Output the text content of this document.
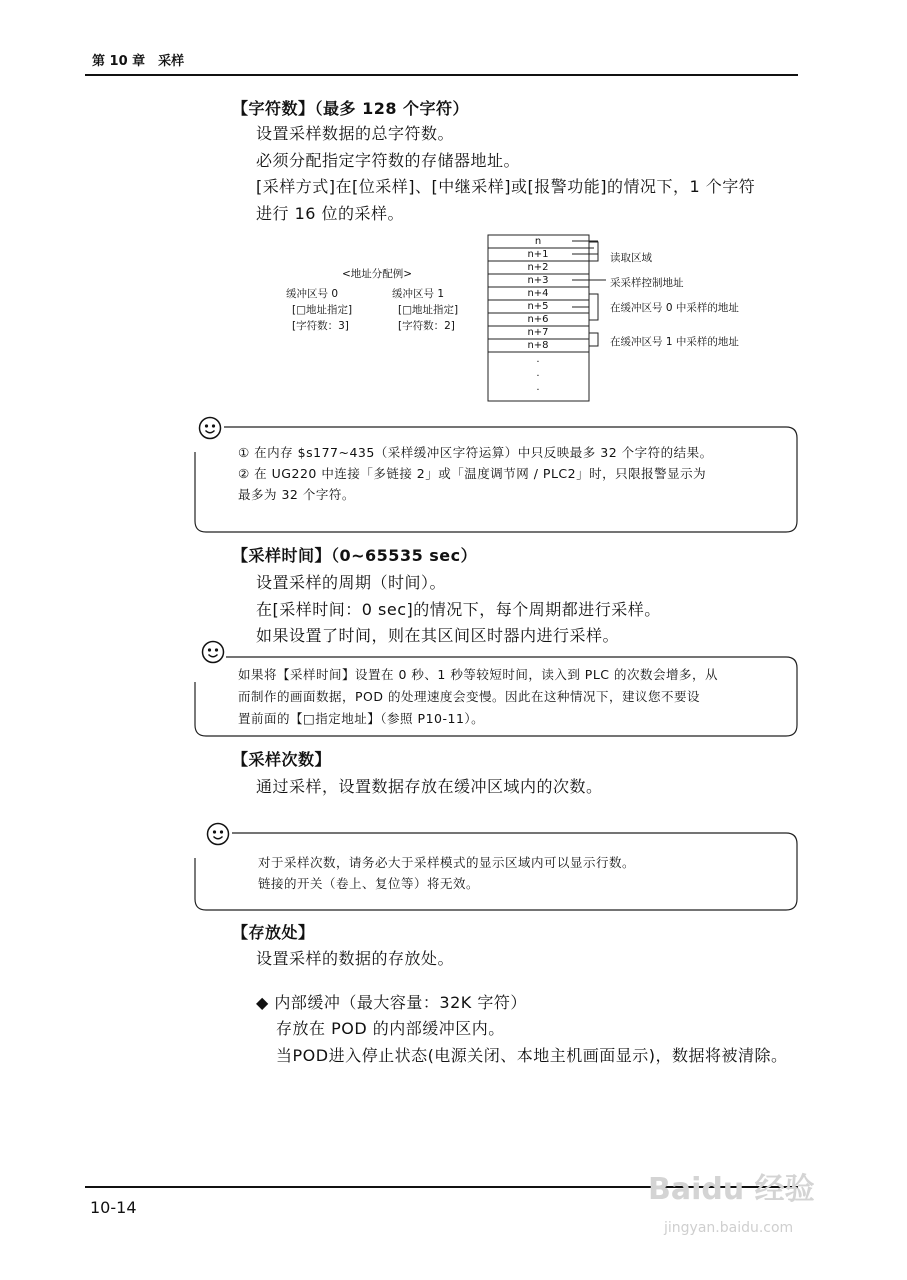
第 10 章　采样
【字符数】（最多 128 个字符）
设置采样数据的总字符数。
必须分配指定字符数的存储器地址。
[采样方式]在[位采样]、[中继采样]或[报警功能]的情况下，1 个字符
进行 16 位的采样。
<地址分配例>
缓冲区号 0
[□地址指定]
[字符数：3]
缓冲区号 1
[□地址指定]
[字符数：2]
n
n+1
n+2
n+3
n+4
n+5
n+6
n+7
n+8
.
.
.
读取区域
采采样控制地址
在缓冲区号 0 中采样的地址
在缓冲区号 1 中采样的地址
① 在内存 $s177~435（采样缓冲区字符运算）中只反映最多 32 个字符的结果。
② 在 UG220 中连接「多链接 2」或「温度调节网 / PLC2」时，只限报警显示为
最多为 32 个字符。
【采样时间】（0~65535 sec）
设置采样的周期（时间）。
在[采样时间：0 sec]的情况下，每个周期都进行采样。
如果设置了时间，则在其区间区时器内进行采样。
如果将【采样时间】设置在 0 秒、1 秒等较短时间，读入到 PLC 的次数会增多，从
而制作的画面数据，POD 的处理速度会变慢。因此在这种情况下，建议您不要设
置前面的【□指定地址】（参照 P10-11）。
【采样次数】
通过采样，设置数据存放在缓冲区域内的次数。
对于采样次数，请务必大于采样模式的显示区域内可以显示行数。
链接的开关（卷上、复位等）将无效。
【存放处】
设置采样的数据的存放处。
◆ 内部缓冲（最大容量：32K 字符）
存放在 POD 的内部缓冲区内。
当POD进入停止状态(电源关闭、本地主机画面显示)，数据将被清除。
10-14
Baidu 经验
jingyan.baidu.com
